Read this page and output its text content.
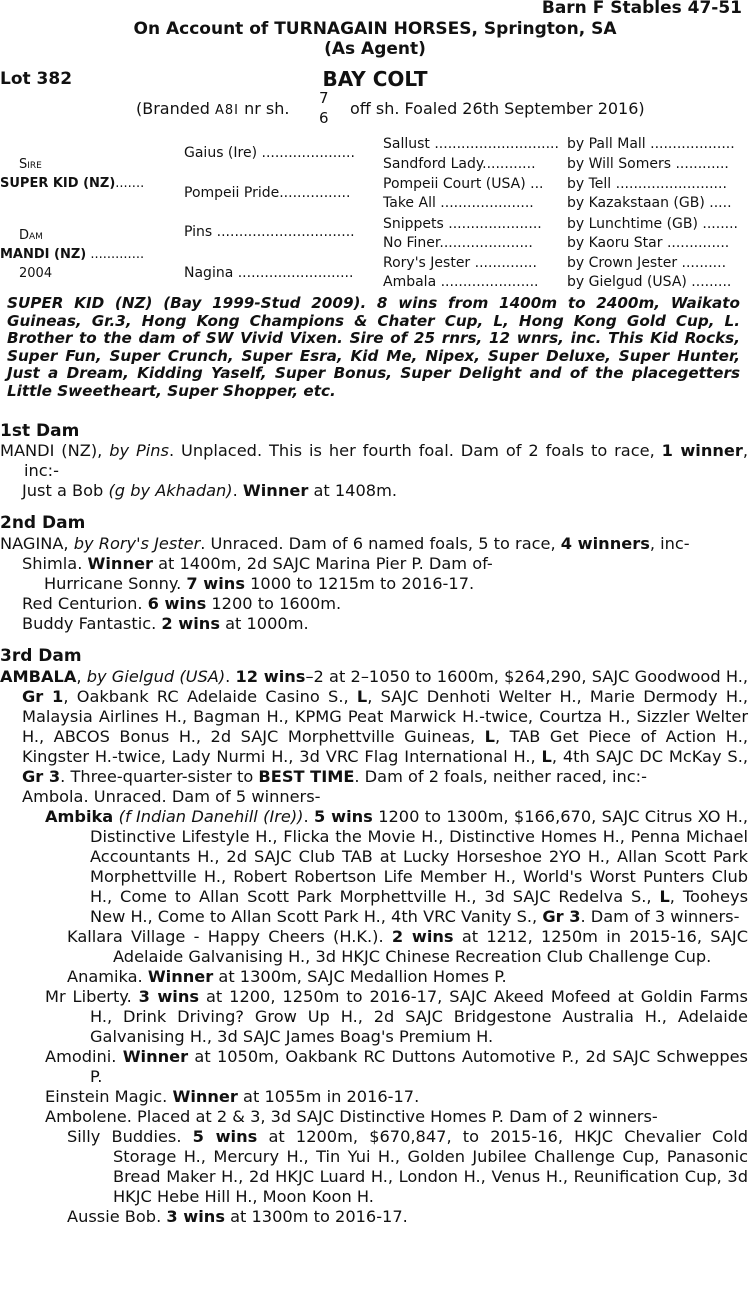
Barn F Stables 47-51
On Account of TURNAGAIN HORSES, Springton, SA
(As Agent)
Lot 382	BAY COLT
(Branded A8I nr sh.
7
6 off sh. Foaled 26th September 2016)
Sire
SUPER KID (NZ).......
Dam
MANDI (NZ) .............
2004
Gaius (Ire) .....................
Pompeii Pride................
Pins ...............................
Nagina ..........................
Sallust ............................
Sandford Lady............
Pompeii Court (USA) ...
Take All .....................
Snippets .....................
No Finer.....................
Rory's Jester ..............
Ambala ......................
by Pall Mall ...................
by Will Somers ............
by Tell .........................
by Kazakstaan (GB) .....
by Lunchtime (GB) ........
by Kaoru Star ..............
by Crown Jester ..........
by Gielgud (USA) .........
SUPER KID (NZ) (Bay 1999-Stud 2009). 8 wins from 1400m to 2400m, Waikato Guineas, Gr.3, Hong Kong Champions & Chater Cup, L, Hong Kong Gold Cup, L. Brother to the dam of SW Vivid Vixen. Sire of 25 rnrs, 12 wnrs, inc. This Kid Rocks, Super Fun, Super Crunch, Super Esra, Kid Me, Nipex, Super Deluxe, Super Hunter, Just a Dream, Kidding Yaself, Super Bonus, Super Delight and of the placegetters Little Sweetheart, Super Shopper, etc.
1st Dam

MANDI (NZ), by Pins. Unplaced. This is her fourth foal. Dam of 2 foals to race, 1 winner, inc:-

Just a Bob (g by Akhadan). Winner at 1408m.

2nd Dam

NAGINA, by Rory's Jester. Unraced. Dam of 6 named foals, 5 to race, 4 winners, inc-

Shimla. Winner at 1400m, 2d SAJC Marina Pier P. Dam of-

Hurricane Sonny. 7 wins 1000 to 1215m to 2016-17.

Red Centurion. 6 wins 1200 to 1600m.

Buddy Fantastic. 2 wins at 1000m.

3rd Dam

AMBALA, by Gielgud (USA). 12 wins–2 at 2–1050 to 1600m, $264,290, SAJC Goodwood H., Gr 1, Oakbank RC Adelaide Casino S., L, SAJC Denhoti Welter H., Marie Dermody H., Malaysia Airlines H., Bagman H., KPMG Peat Marwick H.-twice, Courtza H., Sizzler Welter H., ABCOS Bonus H., 2d SAJC Morphettville Guineas, L, TAB Get Piece of Action H., Kingster H.-twice, Lady Nurmi H., 3d VRC Flag International H., L, 4th SAJC DC McKay S., Gr 3. Three-quarter-sister to BEST TIME. Dam of 2 foals, neither raced, inc:-

Ambola. Unraced. Dam of 5 winners-

Ambika (f Indian Danehill (Ire)). 5 wins 1200 to 1300m, $166,670, SAJC Citrus XO H., Distinctive Lifestyle H., Flicka the Movie H., Distinctive Homes H., Penna Michael Accountants H., 2d SAJC Club TAB at Lucky Horseshoe 2YO H., Allan Scott Park Morphettville H., Robert Robertson Life Member H., World's Worst Punters Club H., Come to Allan Scott Park Morphettville H., 3d SAJC Redelva S., L, Tooheys New H., Come to Allan Scott Park H., 4th VRC Vanity S., Gr 3. Dam of 3 winners-

Kallara Village - Happy Cheers (H.K.). 2 wins at 1212, 1250m in 2015-16, SAJC Adelaide Galvanising H., 3d HKJC Chinese Recreation Club Challenge Cup.

Anamika. Winner at 1300m, SAJC Medallion Homes P.

Mr Liberty. 3 wins at 1200, 1250m to 2016-17, SAJC Akeed Mofeed at Goldin Farms H., Drink Driving? Grow Up H., 2d SAJC Bridgestone Australia H., Adelaide Galvanising H., 3d SAJC James Boag's Premium H.

Amodini. Winner at 1050m, Oakbank RC Duttons Automotive P., 2d SAJC Schweppes P.

Einstein Magic. Winner at 1055m in 2016-17.

Ambolene. Placed at 2 & 3, 3d SAJC Distinctive Homes P. Dam of 2 winners-

Silly Buddies. 5 wins at 1200m, $670,847, to 2015-16, HKJC Chevalier Cold Storage H., Mercury H., Tin Yui H., Golden Jubilee Challenge Cup, Panasonic Bread Maker H., 2d HKJC Luard H., London H., Venus H., Reunification Cup, 3d HKJC Hebe Hill H., Moon Koon H.

Aussie Bob. 3 wins at 1300m to 2016-17.
